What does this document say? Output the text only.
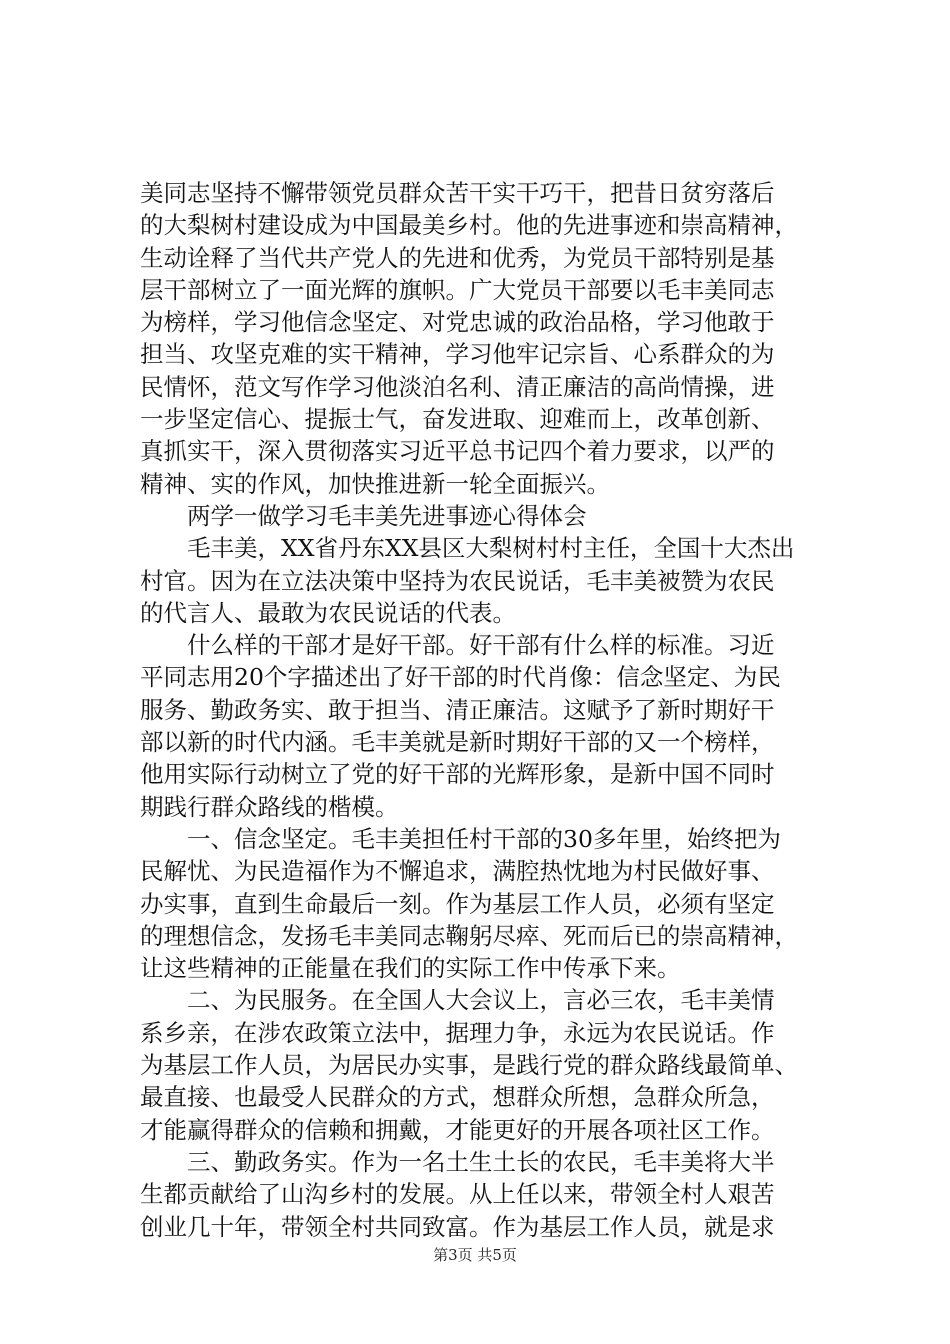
美同志坚持不懈带领党员群众苦干实干巧干，把昔日贫穷落后
的大梨树村建设成为中国最美乡村。他的先进事迹和崇高精神，
生动诠释了当代共产党人的先进和优秀，为党员干部特别是基
层干部树立了一面光辉的旗帜。广大党员干部要以毛丰美同志
为榜样，学习他信念坚定、对党忠诚的政治品格，学习他敢于
担当、攻坚克难的实干精神，学习他牢记宗旨、心系群众的为
民情怀，范文写作学习他淡泊名利、清正廉洁的高尚情操，进
一步坚定信心、提振士气，奋发进取、迎难而上，改革创新、
真抓实干，深入贯彻落实习近平总书记四个着力要求，以严的
精神、实的作风，加快推进新一轮全面振兴。
　　两学一做学习毛丰美先进事迹心得体会
　　毛丰美，XX省丹东XX县区大梨树村村主任，全国十大杰出
村官。因为在立法决策中坚持为农民说话，毛丰美被赞为农民
的代言人、最敢为农民说话的代表。
　　什么样的干部才是好干部。好干部有什么样的标准。习近
平同志用20个字描述出了好干部的时代肖像：信念坚定、为民
服务、勤政务实、敢于担当、清正廉洁。这赋予了新时期好干
部以新的时代内涵。毛丰美就是新时期好干部的又一个榜样，
他用实际行动树立了党的好干部的光辉形象，是新中国不同时
期践行群众路线的楷模。
　　一、信念坚定。毛丰美担任村干部的30多年里，始终把为
民解忧、为民造福作为不懈追求，满腔热忱地为村民做好事、
办实事，直到生命最后一刻。作为基层工作人员，必须有坚定
的理想信念，发扬毛丰美同志鞠躬尽瘁、死而后已的崇高精神，
让这些精神的正能量在我们的实际工作中传承下来。
　　二、为民服务。在全国人大会议上，言必三农，毛丰美情
系乡亲，在涉农政策立法中，据理力争，永远为农民说话。作
为基层工作人员，为居民办实事，是践行党的群众路线最简单、
最直接、也最受人民群众的方式，想群众所想，急群众所急，
才能赢得群众的信赖和拥戴，才能更好的开展各项社区工作。
　　三、勤政务实。作为一名土生土长的农民，毛丰美将大半
生都贡献给了山沟乡村的发展。从上任以来，带领全村人艰苦
创业几十年，带领全村共同致富。作为基层工作人员，就是求
第3页 共5页
